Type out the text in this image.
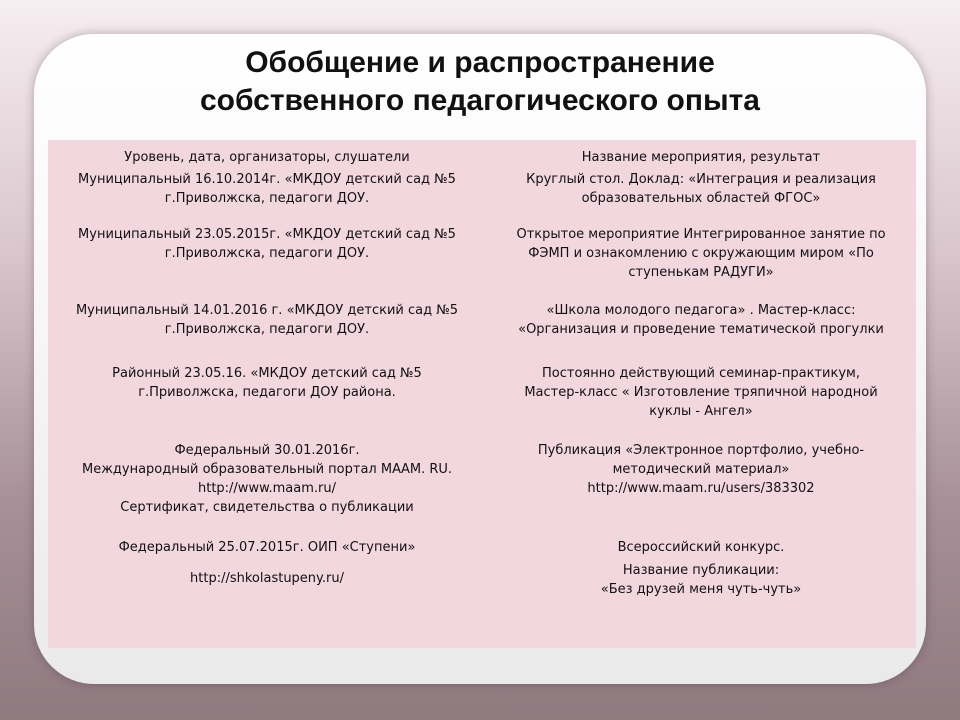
Обобщение и распространение
собственного педагогического опыта
Уровень, дата, организаторы, слушатели	Название мероприятия, результат

Муниципальный 16.10.2014г. «МКДОУ детский сад №5
г.Приволжска, педагоги ДОУ.	Круглый стол. Доклад: «Интеграция и реализация
образовательных областей ФГОС»

Муниципальный 23.05.2015г. «МКДОУ детский сад №5
г.Приволжска, педагоги ДОУ.	Открытое мероприятие Интегрированное занятие по
ФЭМП и ознакомлению с окружающим миром «По
ступенькам РАДУГИ»

Муниципальный 14.01.2016 г. «МКДОУ детский сад №5
г.Приволжска, педагоги ДОУ.	«Школа молодого педагога» . Мастер-класс:
«Организация и проведение тематической прогулки

Районный 23.05.16. «МКДОУ детский сад №5
г.Приволжска, педагоги ДОУ района.	Постоянно действующий семинар-практикум,
Мастер-класс « Изготовление тряпичной народной
куклы - Ангел»

Федеральный 30.01.2016г.
Международный образовательный портал МААМ. RU.
http://www.maam.ru/
Сертификат, свидетельства о публикации	Публикация «Электронное портфолио, учебно-
методический материал»
http://www.maam.ru/users/383302

Федеральный 25.07.2015г. ОИП «Ступени»
http://shkolastupeny.ru/	Всероссийский конкурс.
Название публикации:
«Без друзей меня чуть-чуть»
